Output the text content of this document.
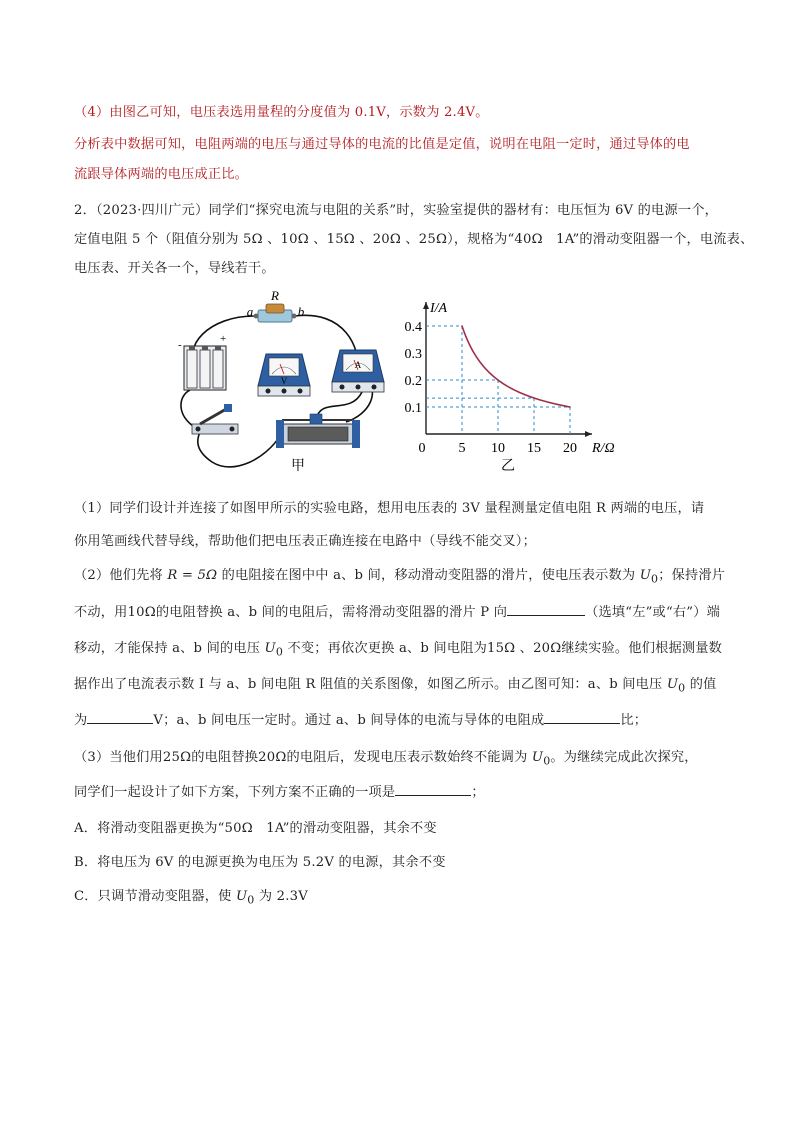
（4）由图乙可知，电压表选用量程的分度值为 0.1V，示数为 2.4V。
分析表中数据可知，电阻两端的电压与通过导体的电流的比值是定值，说明在电阻一定时，通过导体的电
流跟导体两端的电压成正比。
2．（2023·四川广元）同学们“探究电流与电阻的关系”时，实验室提供的器材有：电压恒为 6V 的电源一个，
定值电阻 5 个（阻值分别为 5Ω 、10Ω 、15Ω 、20Ω 、25Ω），规格为“40Ω　1A”的滑动变阻器一个，电流表、
电压表、开关各一个，导线若干。
R
a	b
-	+
V
A
甲
I/A
R/Ω
0 5 10 15 20
0.1
0.2
0.3
0.4
乙
（1）同学们设计并连接了如图甲所示的实验电路，想用电压表的 3V 量程测量定值电阻 R 两端的电压，请
你用笔画线代替导线，帮助他们把电压表正确连接在电路中（导线不能交叉）；
（2）他们先将 R = 5Ω 的电阻接在图中中 a、b 间，移动滑动变阻器的滑片，使电压表示数为 $U_0$；保持滑片
不动，用10Ω的电阻替换 a、b 间的电阻后，需将滑动变阻器的滑片 P 向	（选填“左”或“右”）端
移动，才能保持 a、b 间的电压 $U_0$ 不变；再依次更换 a、b 间电阻为15Ω 、20Ω继续实验。他们根据测量数
据作出了电流表示数 I 与 a、b 间电阻 R 阻值的关系图像，如图乙所示。由乙图可知：a、b 间电压 $U_0$ 的值
为	V；a、b 间电压一定时。通过 a、b 间导体的电流与导体的电阻成	比；
（3）当他们用25Ω的电阻替换20Ω的电阻后，发现电压表示数始终不能调为 $U_0$。为继续完成此次探究，
同学们一起设计了如下方案，下列方案不正确的一项是	；
A．将滑动变阻器更换为“50Ω　1A”的滑动变阻器，其余不变
B．将电压为 6V 的电源更换为电压为 5.2V 的电源，其余不变
C．只调节滑动变阻器，使 $U_0$ 为 2.3V
